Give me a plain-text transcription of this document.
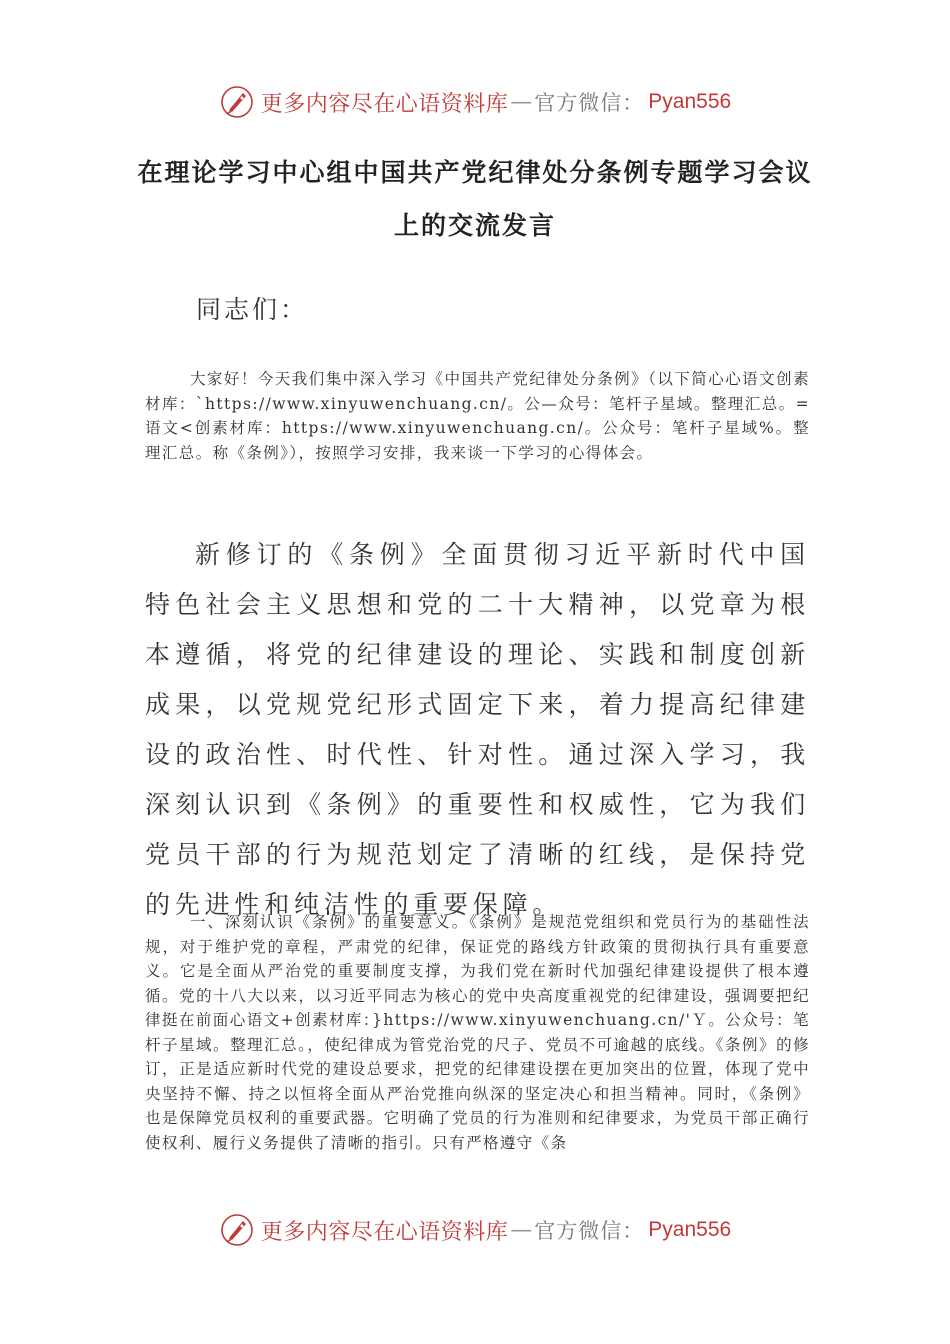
更多内容尽在心语资料库 — 官方微信： Pyan556
在理论学习中心组中国共产党纪律处分条例专题学习会议
上的交流发言
同志们：

大家好！今天我们集中深入学习《中国共产党纪律处分条例》（以下简心心语文创素材库：`https://www.xinyuwenchuang.cn/。公—众号：笔杆子星域。整理汇总。=语文<创素材库：https://www.xinyuwenchuang.cn/。公众号：笔杆子星域%。整理汇总。称《条例》），按照学习安排，我来谈一下学习的心得体会。

新修订的《条例》全面贯彻习近平新时代中国特色社会主义思想和党的二十大精神，以党章为根本遵循，将党的纪律建设的理论、实践和制度创新成果，以党规党纪形式固定下来，着力提高纪律建设的政治性、时代性、针对性。通过深入学习，我深刻认识到《条例》的重要性和权威性，它为我们党员干部的行为规范划定了清晰的红线，是保持党的先进性和纯洁性的重要保障。

一、深刻认识《条例》的重要意义。《条例》是规范党组织和党员行为的基础性法规，对于维护党的章程，严肃党的纪律，保证党的路线方针政策的贯彻执行具有重要意义。它是全面从严治党的重要制度支撑，为我们党在新时代加强纪律建设提供了根本遵循。党的十八大以来，以习近平同志为核心的党中央高度重视党的纪律建设，强调要把纪律挺在前面心语文+创素材库：}https://www.xinyuwenchuang.cn/'Ｙ。公众号：笔杆子星域。整理汇总。，使纪律成为管党治党的尺子、党员不可逾越的底线。《条例》的修订，正是适应新时代党的建设总要求，把党的纪律建设摆在更加突出的位置，体现了党中央坚持不懈、持之以恒将全面从严治党推向纵深的坚定决心和担当精神。同时，《条例》也是保障党员权利的重要武器。它明确了党员的行为准则和纪律要求，为党员干部正确行使权利、履行义务提供了清晰的指引。只有严格遵守《条

更多内容尽在心语资料库 — 官方微信： Pyan556
